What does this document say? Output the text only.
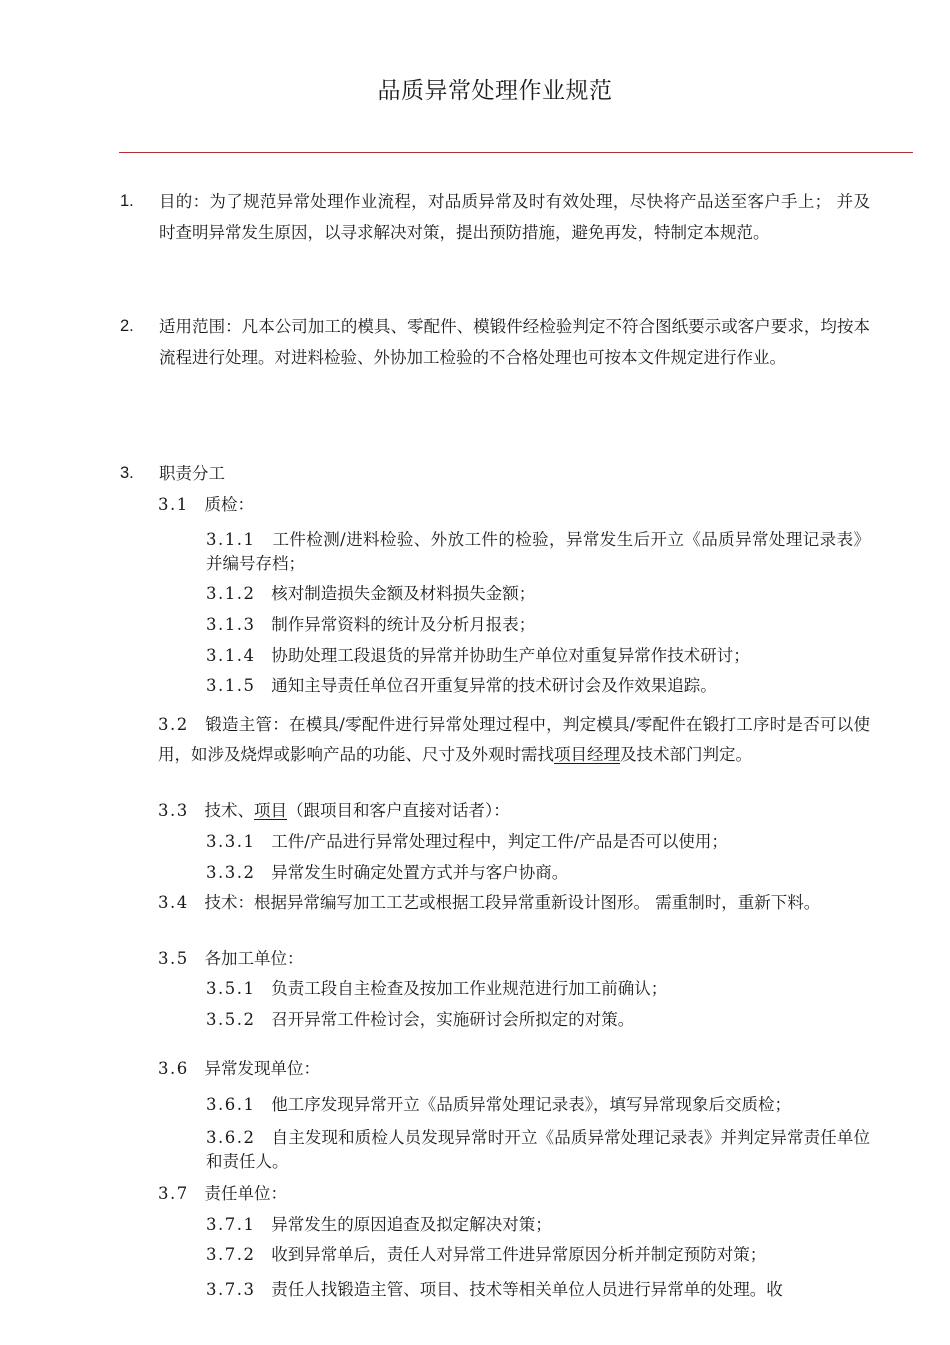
品质异常处理作业规范
1. 目的：为了规范异常处理作业流程，对品质异常及时有效处理，尽快将产品送至客户手上； 并及时查明异常发生原因，以寻求解决对策，提出预防措施，避免再发，特制定本规范。
2. 适用范围：凡本公司加工的模具、零配件、模锻件经检验判定不符合图纸要示或客户要求，均按本流程进行处理。对进料检验、外协加工检验的不合格处理也可按本文件规定进行作业。
3. 职责分工
3.1 质检：
3.1.1 工件检测/进料检验、外放工件的检验，异常发生后开立《品质异常处理记录表》并编号存档；
3.1.2 核对制造损失金额及材料损失金额；
3.1.3 制作异常资料的统计及分析月报表；
3.1.4 协助处理工段退货的异常并协助生产单位对重复异常作技术研讨；
3.1.5 通知主导责任单位召开重复异常的技术研讨会及作效果追踪。
3.2 锻造主管：在模具/零配件进行异常处理过程中，判定模具/零配件在锻打工序时是否可以使用，如涉及烧焊或影响产品的功能、尺寸及外观时需找项目经理及技术部门判定。
3.3 技术、项目（跟项目和客户直接对话者）：
3.3.1 工件/产品进行异常处理过程中，判定工件/产品是否可以使用；
3.3.2 异常发生时确定处置方式并与客户协商。
3.4 技术：根据异常编写加工工艺或根据工段异常重新设计图形。 需重制时，重新下料。
3.5 各加工单位：
3.5.1 负责工段自主检查及按加工作业规范进行加工前确认；
3.5.2 召开异常工件检讨会，实施研讨会所拟定的对策。
3.6 异常发现单位：
3.6.1 他工序发现异常开立《品质异常处理记录表》，填写异常现象后交质检；
3.6.2 自主发现和质检人员发现异常时开立《品质异常处理记录表》并判定异常责任单位和责任人。
3.7 责任单位：
3.7.1 异常发生的原因追查及拟定解决对策；
3.7.2 收到异常单后，责任人对异常工件进异常原因分析并制定预防对策；
3.7.3 责任人找锻造主管、项目、技术等相关单位人员进行异常单的处理。收
